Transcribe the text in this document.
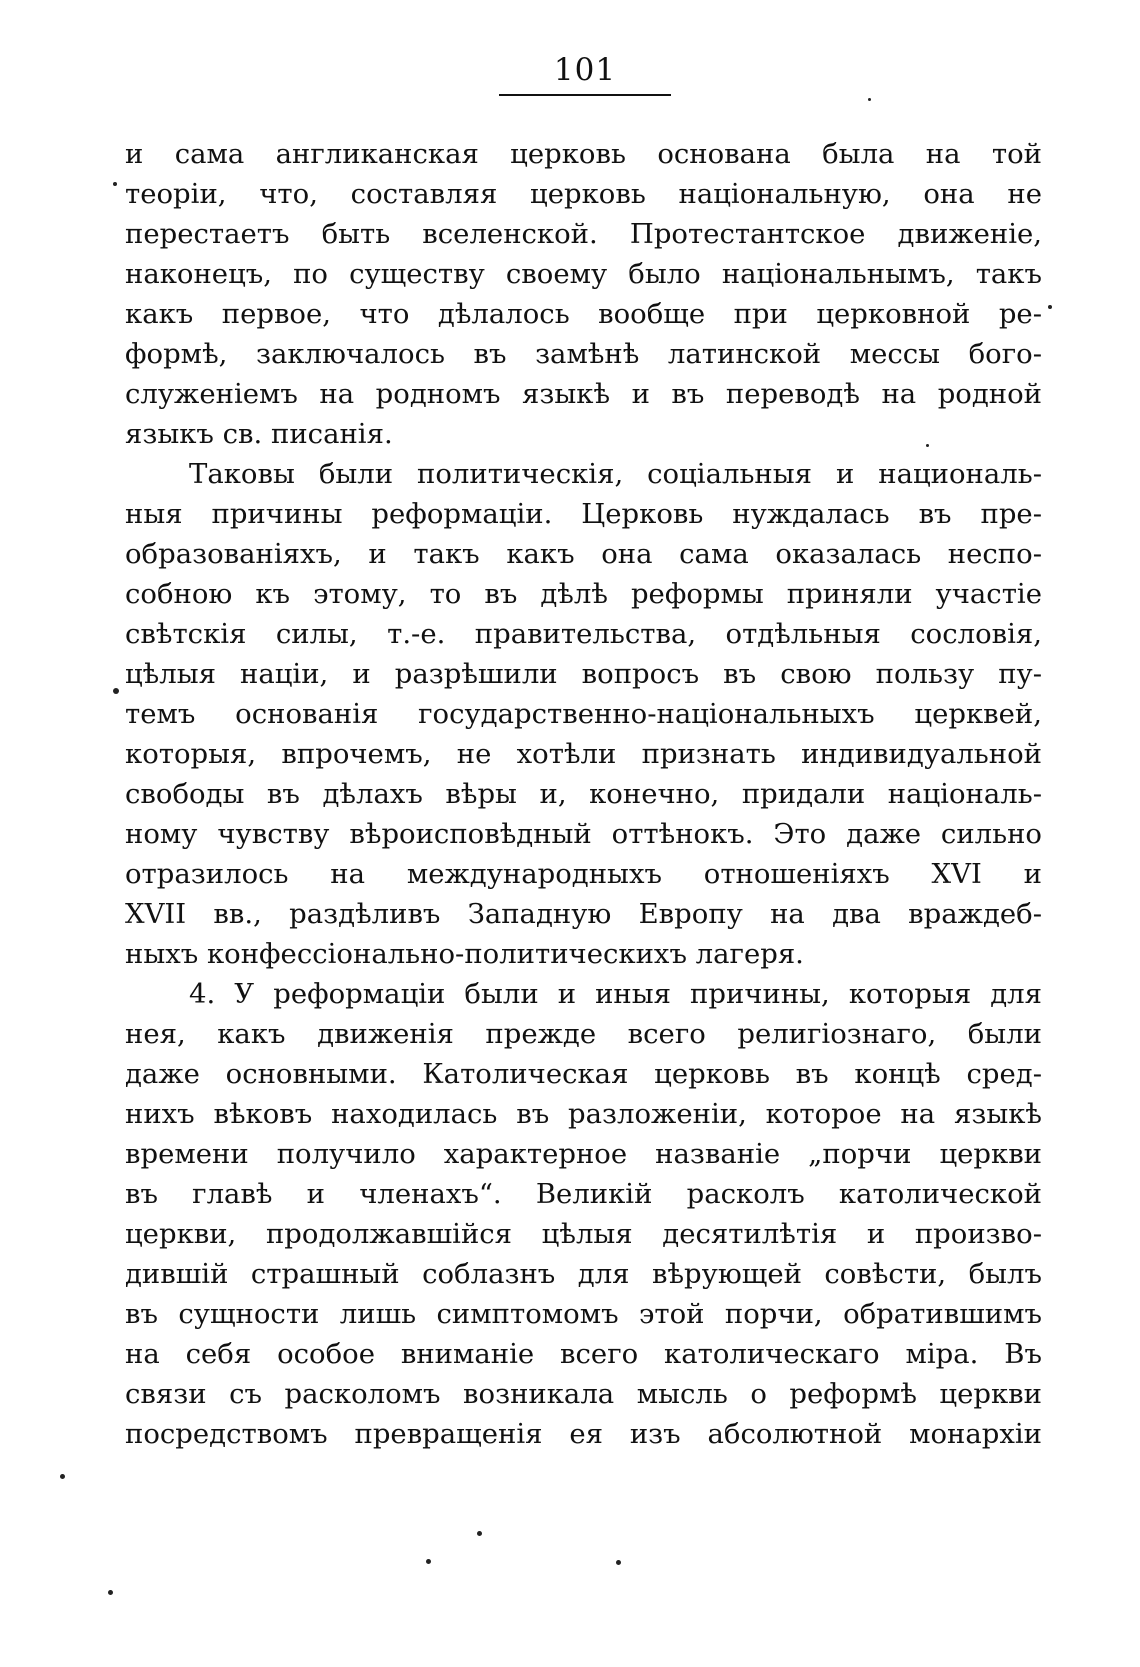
101
и сама англиканская церковь основана была на той
теоріи, что, составляя церковь національную, она не
перестаетъ быть вселенской. Протестантское движеніе,
наконецъ, по существу своему было національнымъ, такъ
какъ первое, что дѣлалось вообще при церковной ре-
формѣ, заключалось въ замѣнѣ латинской мессы бого-
служеніемъ на родномъ языкѣ и въ переводѣ на родной
языкъ св. писанія.
Таковы были политическія, соціальныя и националь-
ныя причины реформаціи. Церковь нуждалась въ пре-
образованіяхъ, и такъ какъ она сама оказалась неспо-
собною къ этому, то въ дѣлѣ реформы приняли участіе
свѣтскія силы, т.-е. правительства, отдѣльныя сословія,
цѣлыя націи, и разрѣшили вопросъ въ свою пользу пу-
темъ основанія государственно-національныхъ церквей,
которыя, впрочемъ, не хотѣли признать индивидуальной
свободы въ дѣлахъ вѣры и, конечно, придали національ-
ному чувству вѣроисповѣдный оттѣнокъ. Это даже сильно
отразилось на международныхъ отношеніяхъ XVI и
XVII вв., раздѣливъ Западную Европу на два враждеб-
ныхъ конфессіонально-политическихъ лагеря.
4. У реформаціи были и иныя причины, которыя для
нея, какъ движенія прежде всего религіознаго, были
даже основными. Католическая церковь въ концѣ сред-
нихъ вѣковъ находилась въ разложеніи, которое на языкѣ
времени получило характерное названіе „порчи церкви
въ главѣ и членахъ“. Великій расколъ католической
церкви, продолжавшійся цѣлыя десятилѣтія и произво-
дившій страшный соблазнъ для вѣрующей совѣсти, былъ
въ сущности лишь симптомомъ этой порчи, обратившимъ
на себя особое вниманіе всего католическаго міра. Въ
связи съ расколомъ возникала мысль о реформѣ церкви
посредствомъ превращенія ея изъ абсолютной монархіи
